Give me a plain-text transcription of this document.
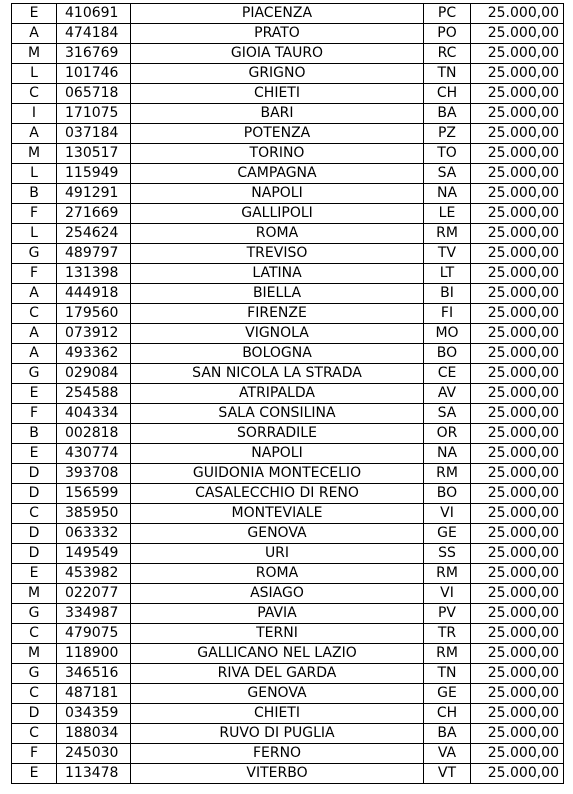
E	410691	PIACENZA	PC	25.000,00
A	474184	PRATO	PO	25.000,00
M	316769	GIOIA TAURO	RC	25.000,00
L	101746	GRIGNO	TN	25.000,00
C	065718	CHIETI	CH	25.000,00
I	171075	BARI	BA	25.000,00
A	037184	POTENZA	PZ	25.000,00
M	130517	TORINO	TO	25.000,00
L	115949	CAMPAGNA	SA	25.000,00
B	491291	NAPOLI	NA	25.000,00
F	271669	GALLIPOLI	LE	25.000,00
L	254624	ROMA	RM	25.000,00
G	489797	TREVISO	TV	25.000,00
F	131398	LATINA	LT	25.000,00
A	444918	BIELLA	BI	25.000,00
C	179560	FIRENZE	FI	25.000,00
A	073912	VIGNOLA	MO	25.000,00
A	493362	BOLOGNA	BO	25.000,00
G	029084	SAN NICOLA LA STRADA	CE	25.000,00
E	254588	ATRIPALDA	AV	25.000,00
F	404334	SALA CONSILINA	SA	25.000,00
B	002818	SORRADILE	OR	25.000,00
E	430774	NAPOLI	NA	25.000,00
D	393708	GUIDONIA MONTECELIO	RM	25.000,00
D	156599	CASALECCHIO DI RENO	BO	25.000,00
C	385950	MONTEVIALE	VI	25.000,00
D	063332	GENOVA	GE	25.000,00
D	149549	URI	SS	25.000,00
E	453982	ROMA	RM	25.000,00
M	022077	ASIAGO	VI	25.000,00
G	334987	PAVIA	PV	25.000,00
C	479075	TERNI	TR	25.000,00
M	118900	GALLICANO NEL LAZIO	RM	25.000,00
G	346516	RIVA DEL GARDA	TN	25.000,00
C	487181	GENOVA	GE	25.000,00
D	034359	CHIETI	CH	25.000,00
C	188034	RUVO DI PUGLIA	BA	25.000,00
F	245030	FERNO	VA	25.000,00
E	113478	VITERBO	VT	25.000,00
